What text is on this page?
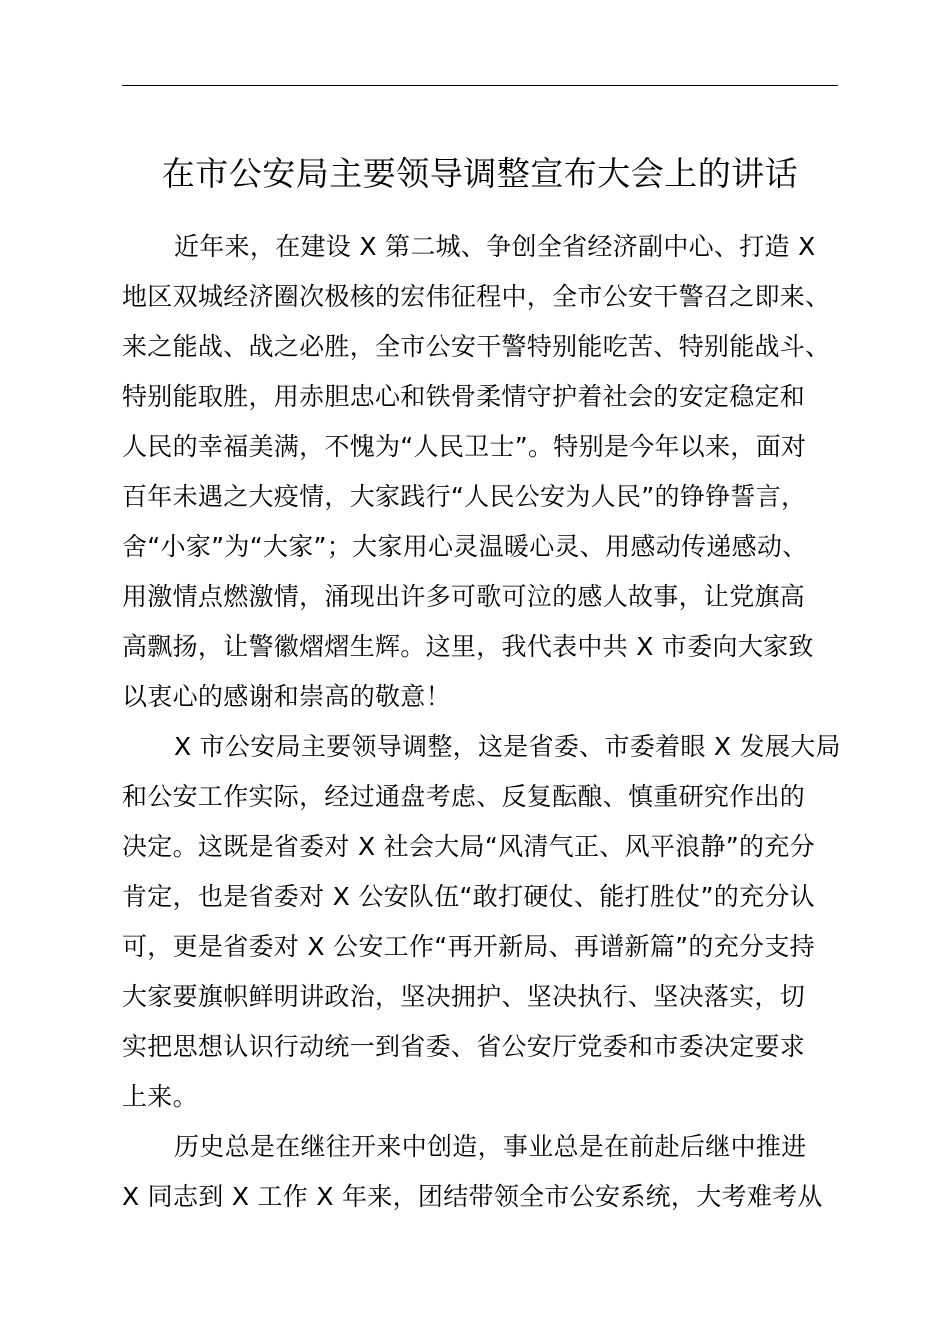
在市公安局主要领导调整宣布大会上的讲话
近年来，在建设 X 第二城、争创全省经济副中心、打造 X
地区双城经济圈次极核的宏伟征程中，全市公安干警召之即来、
来之能战、战之必胜，全市公安干警特别能吃苦、特别能战斗、
特别能取胜，用赤胆忠心和铁骨柔情守护着社会的安定稳定和
人民的幸福美满，不愧为“人民卫士”。特别是今年以来，面对
百年未遇之大疫情，大家践行“人民公安为人民”的铮铮誓言，
舍“小家”为“大家”；大家用心灵温暖心灵、用感动传递感动、
用激情点燃激情，涌现出许多可歌可泣的感人故事，让党旗高
高飘扬，让警徽熠熠生辉。这里，我代表中共 X 市委向大家致
以衷心的感谢和崇高的敬意！
X 市公安局主要领导调整，这是省委、市委着眼 X 发展大局
和公安工作实际，经过通盘考虑、反复酝酿、慎重研究作出的
决定。这既是省委对 X 社会大局“风清气正、风平浪静”的充分
肯定，也是省委对 X 公安队伍“敢打硬仗、能打胜仗”的充分认
可，更是省委对 X 公安工作“再开新局、再谱新篇”的充分支持
大家要旗帜鲜明讲政治，坚决拥护、坚决执行、坚决落实，切
实把思想认识行动统一到省委、省公安厅党委和市委决定要求
上来。
历史总是在继往开来中创造，事业总是在前赴后继中推进
X 同志到 X 工作 X 年来，团结带领全市公安系统，大考难考从
